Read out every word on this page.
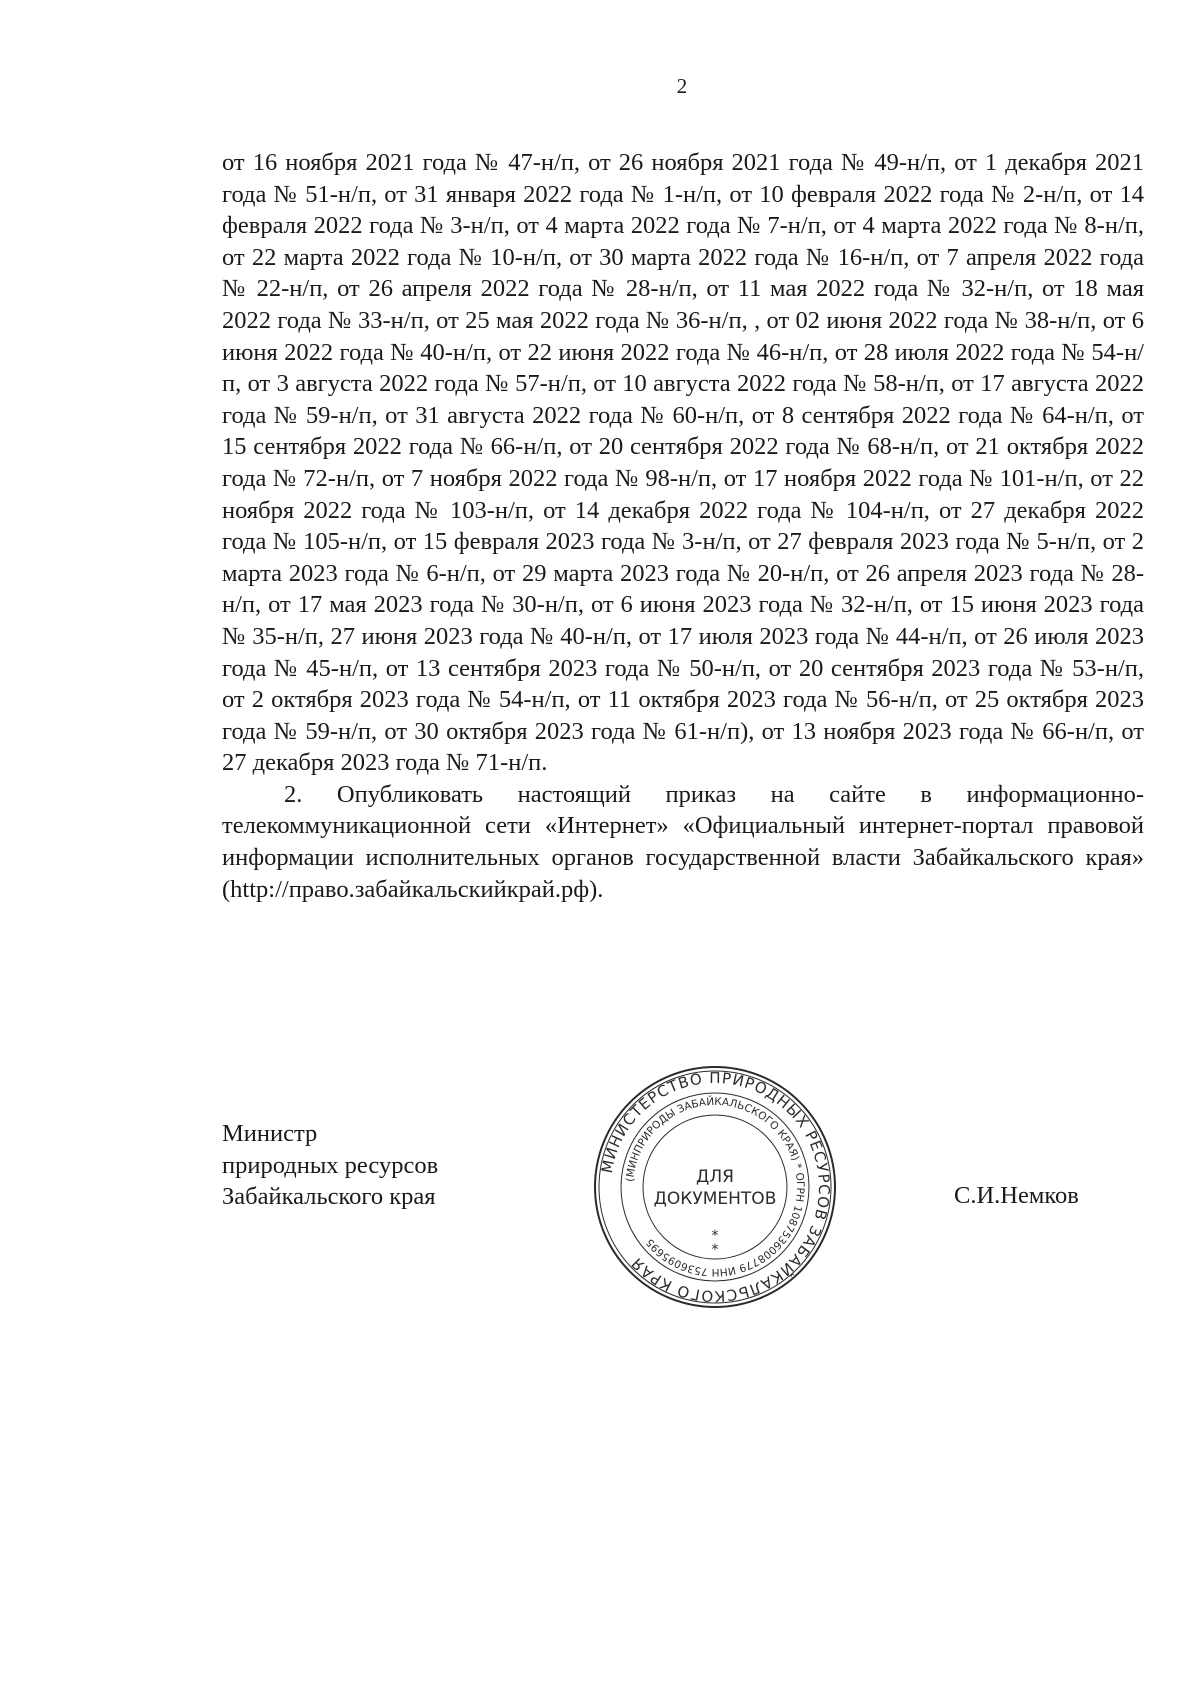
2

от 16 ноября 2021 года № 47-н/п, от 26 ноября 2021 года № 49-н/п, от 1 декабря 2021 года № 51-н/п, от 31 января 2022 года № 1-н/п, от 10 февраля 2022 года № 2-н/п, от 14 февраля 2022 года № 3-н/п, от 4 марта 2022 года № 7-н/п, от 4 марта 2022 года № 8-н/п, от 22 марта 2022 года № 10-н/п, от 30 марта 2022 года № 16-н/п, от 7 апреля 2022 года № 22-н/п, от 26 апреля 2022 года № 28-н/п, от 11 мая 2022 года № 32-н/п, от 18 мая 2022 года № 33-н/п, от 25 мая 2022 года № 36-н/п, , от 02 июня 2022 года № 38-н/п, от 6 июня 2022 года № 40-н/п, от 22 июня 2022 года № 46-н/п, от 28 июля 2022 года № 54-н/п, от 3 августа 2022 года № 57-н/п, от 10 августа 2022 года № 58-н/п, от 17 августа 2022 года № 59-н/п, от 31 августа 2022 года № 60-н/п, от 8 сентября 2022 года № 64-н/п, от 15 сентября 2022 года № 66-н/п, от 20 сентября 2022 года № 68-н/п, от 21 октября 2022 года № 72-н/п, от 7 ноября 2022 года № 98-н/п, от 17 ноября 2022 года № 101-н/п, от 22 ноября 2022 года № 103-н/п, от 14 декабря 2022 года № 104-н/п, от 27 декабря 2022 года № 105-н/п, от 15 февраля 2023 года № 3-н/п, от 27 февраля 2023 года № 5-н/п, от 2 марта 2023 года № 6-н/п, от 29 марта 2023 года № 20-н/п, от 26 апреля 2023 года № 28-н/п, от 17 мая 2023 года № 30-н/п, от 6 июня 2023 года № 32-н/п, от 15 июня 2023 года № 35-н/п, 27 июня 2023 года № 40-н/п, от 17 июля 2023 года № 44-н/п, от 26 июля 2023 года № 45-н/п, от 13 сентября 2023 года № 50-н/п, от 20 сентября 2023 года № 53-н/п, от 2 октября 2023 года № 54-н/п, от 11 октября 2023 года № 56-н/п, от 25 октября 2023 года № 59-н/п, от 30 октября 2023 года № 61-н/п), от 13 ноября 2023 года № 66-н/п, от 27 декабря 2023 года № 71-н/п.

2. Опубликовать настоящий приказ на сайте в информационно-телекоммуникационной сети «Интернет» «Официальный интернет-портал правовой информации исполнительных органов государственной власти Забайкальского края» (http://право.забайкальскийкрай.рф).

Министр
природных ресурсов
Забайкальского края
МИНИСТЕРСТВО ПРИРОДНЫХ РЕСУРСОВ ЗАБАЙКАЛЬСКОГО КРАЯ
(МИНПРИРОДЫ ЗАБАЙКАЛЬСКОГО КРАЯ) * ОГРН 1087536008779 ИНН 7536095695
ДЛЯ
ДОКУМЕНТОВ
*
*
С.И.Немков
